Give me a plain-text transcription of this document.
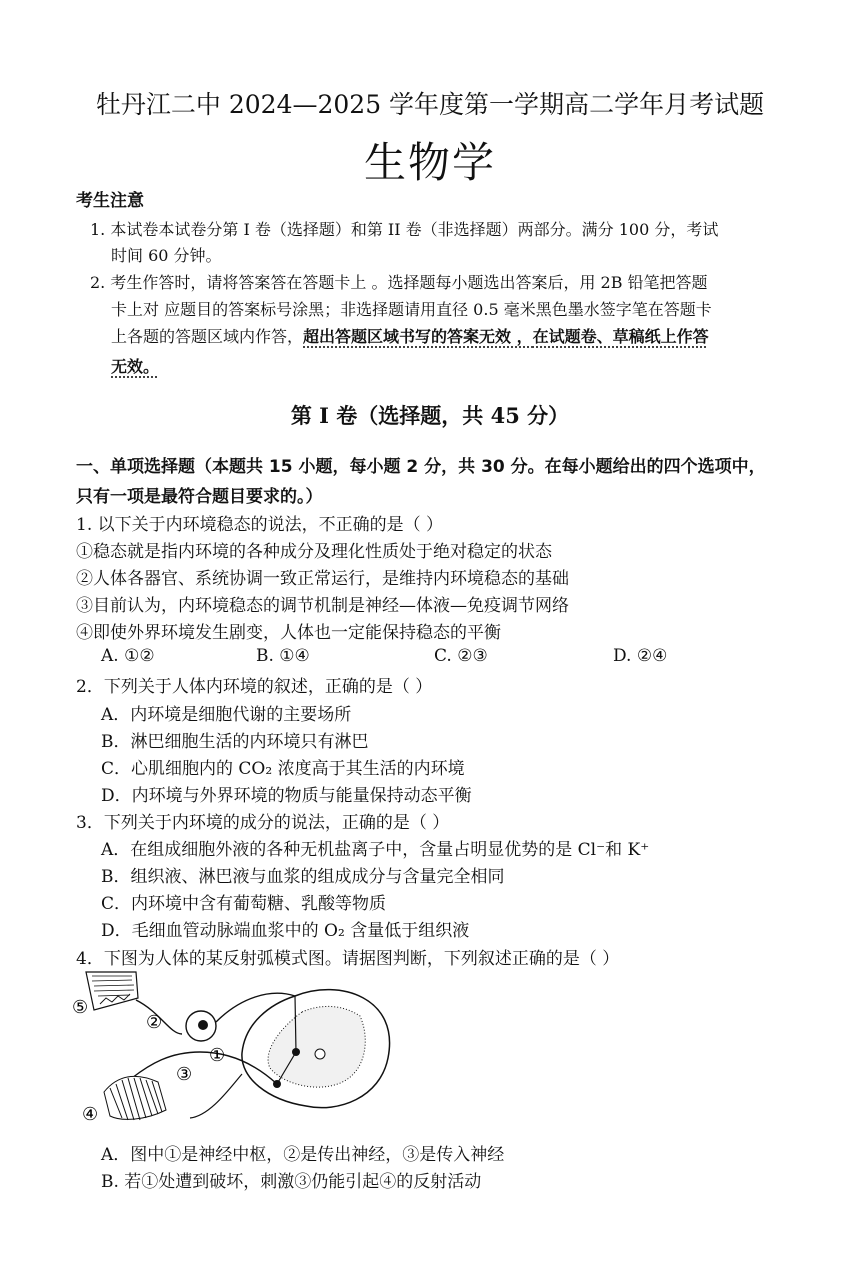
牡丹江二中 2024—2025 学年度第一学期高二学年月考试题
生物学
考生注意
1. 本试卷本试卷分第 I 卷（选择题）和第 II 卷（非选择题）两部分。满分 100 分，考试
时间 60 分钟。
2. 考生作答时，请将答案答在答题卡上 。选择题每小题选出答案后，用 2B 铅笔把答题
卡上对 应题目的答案标号涂黑；非选择题请用直径 0.5 毫米黑色墨水签字笔在答题卡
上各题的答题区域内作答，超出答题区域书写的答案无效 ，在试题卷、草稿纸上作答
无效。
第 I 卷（选择题，共 45 分）
一、单项选择题（本题共 15 小题，每小题 2 分，共 30 分。在每小题给出的四个选项中，
只有一项是最符合题目要求的。）
1. 以下关于内环境稳态的说法，不正确的是（ ）
①稳态就是指内环境的各种成分及理化性质处于绝对稳定的状态
②人体各器官、系统协调一致正常运行，是维持内环境稳态的基础
③目前认为，内环境稳态的调节机制是神经—体液—免疫调节网络
④即使外界环境发生剧变，人体也一定能保持稳态的平衡
A. ①②	B. ①④	C. ②③	D. ②④
2．下列关于人体内环境的叙述，正确的是（ ）
A．内环境是细胞代谢的主要场所
B．淋巴细胞生活的内环境只有淋巴
C．心肌细胞内的 CO₂ 浓度高于其生活的内环境
D．内环境与外界环境的物质与能量保持动态平衡
3．下列关于内环境的成分的说法，正确的是（ ）
A．在组成细胞外液的各种无机盐离子中，含量占明显优势的是 Cl⁻和 K⁺
B．组织液、淋巴液与血浆的组成成分与含量完全相同
C．内环境中含有葡萄糖、乳酸等物质
D．毛细血管动脉端血浆中的 O₂ 含量低于组织液
4．下图为人体的某反射弧模式图。请据图判断，下列叙述正确的是（ ）
⑤
②
①
③
④
A．图中①是神经中枢，②是传出神经，③是传入神经
B. 若①处遭到破坏，刺激③仍能引起④的反射活动
